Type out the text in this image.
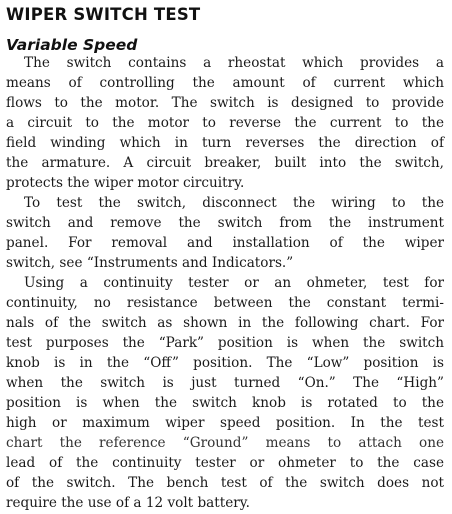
WIPER SWITCH TEST
Variable Speed
The switch contains a rheostat which provides a
means of controlling the amount of current which
flows to the motor. The switch is designed to provide
a circuit to the motor to reverse the current to the
field winding which in turn reverses the direction of
the armature. A circuit breaker, built into the switch,
protects the wiper motor circuitry.
To test the switch, disconnect the wiring to the
switch and remove the switch from the instrument
panel. For removal and installation of the wiper
switch, see “Instruments and Indicators.”
Using a continuity tester or an ohmeter, test for
continuity, no resistance between the constant termi-
nals of the switch as shown in the following chart. For
test purposes the “Park” position is when the switch
knob is in the “Off” position. The “Low” position is
when the switch is just turned “On.” The “High”
position is when the switch knob is rotated to the
high or maximum wiper speed position. In the test
chart the reference “Ground” means to attach one
lead of the continuity tester or ohmeter to the case
of the switch. The bench test of the switch does not
require the use of a 12 volt battery.
